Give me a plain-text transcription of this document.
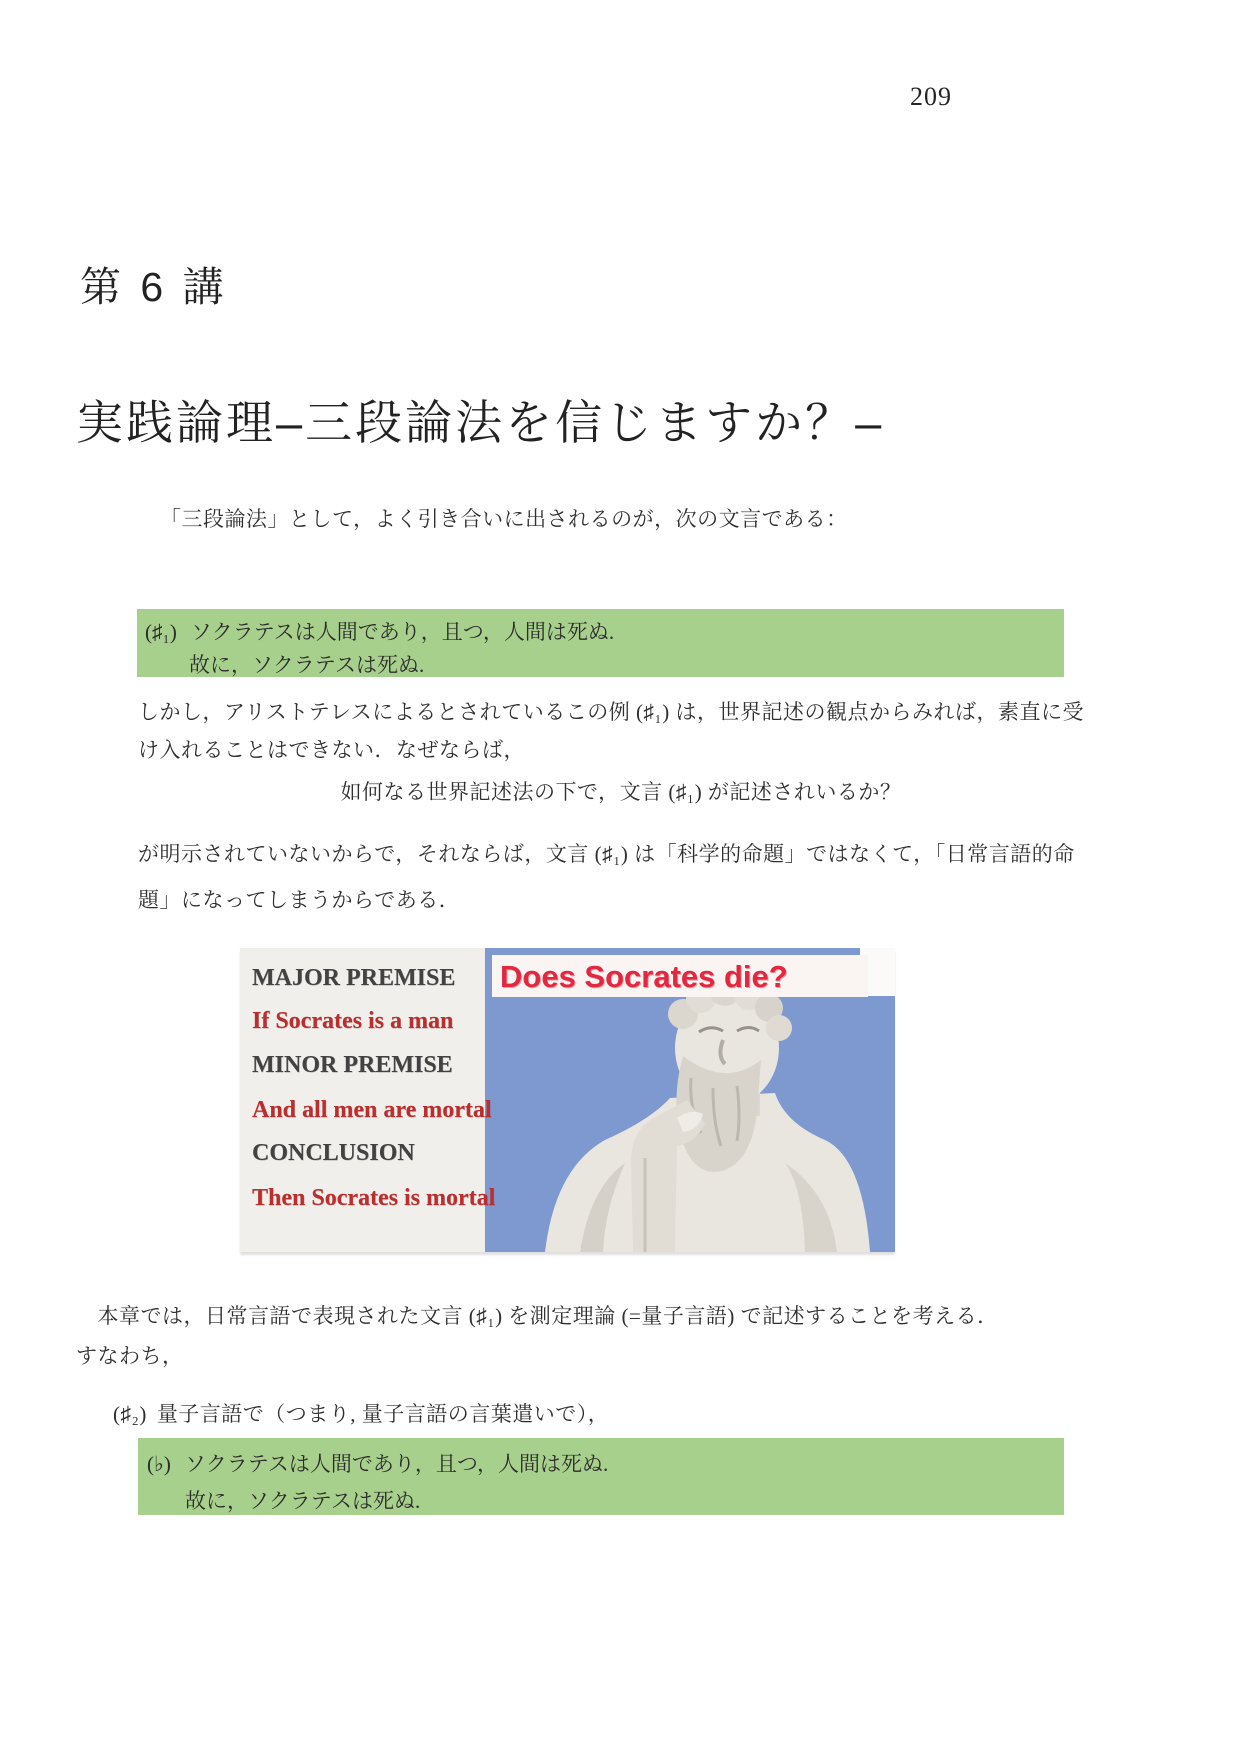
209
第 6 講
実践論理–三段論法を信じますか？–
「三段論法」として，よく引き合いに出されるのが，次の文言である：
(♯₁) ソクラテスは人間であり，且つ，人間は死ぬ.
故に，ソクラテスは死ぬ.
しかし，アリストテレスによるとされているこの例 (♯₁) は，世界記述の観点からみれば，素直に受
け入れることはできない．なぜならば，
如何なる世界記述法の下で，文言 (♯₁) が記述されいるか？
が明示されていないからで，それならば，文言 (♯₁) は「科学的命題」ではなくて，「日常言語的命
題」になってしまうからである．
Does Socrates die?
MAJOR PREMISE
If Socrates is a man
MINOR PREMISE
And all men are mortal
CONCLUSION
Then Socrates is mortal
　本章では，日常言語で表現された文言 (♯₁) を測定理論 (=量子言語) で記述することを考える．
すなわち，
(♯₂) 量子言語で（つまり, 量子言語の言葉遣いで），
(♭) ソクラテスは人間であり，且つ，人間は死ぬ.
故に，ソクラテスは死ぬ.
